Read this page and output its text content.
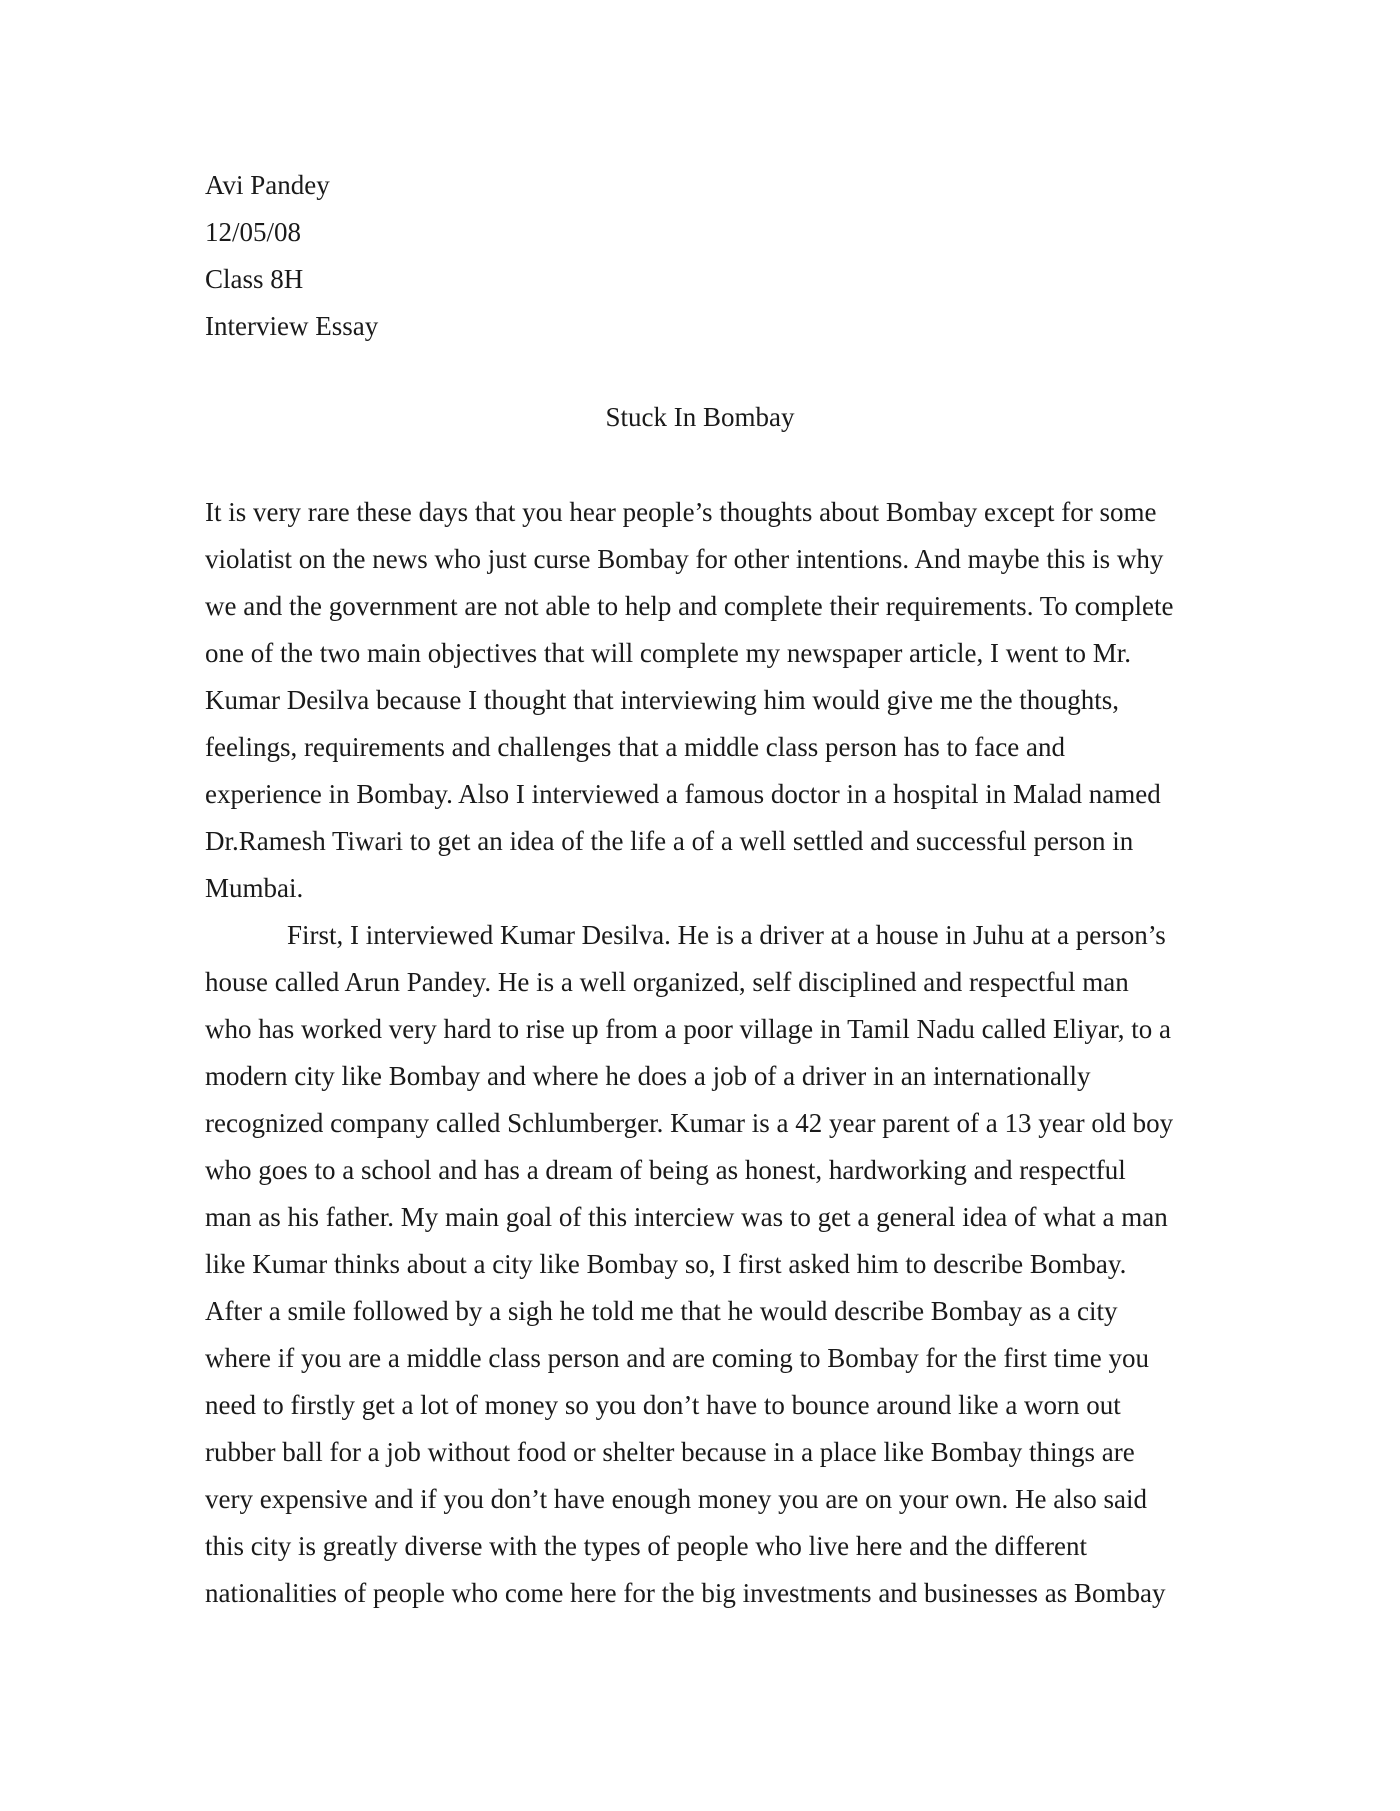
Avi Pandey
12/05/08
Class 8H
Interview Essay
Stuck In Bombay
It is very rare these days that you hear people’s thoughts about Bombay except for some
violatist on the news who just curse Bombay for other intentions. And maybe this is why
we and the government are not able to help and complete their requirements. To complete
one of the two main objectives that will complete my newspaper article, I went to Mr.
Kumar Desilva because I thought that interviewing him would give me the thoughts,
feelings, requirements and challenges that a middle class person has to face and
experience in Bombay. Also I interviewed a famous doctor in a hospital in Malad named
Dr.Ramesh Tiwari to get an idea of the life a of a well settled and successful person in
Mumbai.
First, I interviewed Kumar Desilva. He is a driver at a house in Juhu at a person’s
house called Arun Pandey. He is a well organized, self disciplined and respectful man
who has worked very hard to rise up from a poor village in Tamil Nadu called Eliyar, to a
modern city like Bombay and where he does a job of a driver in an internationally
recognized company called Schlumberger. Kumar is a 42 year parent of a 13 year old boy
who goes to a school and has a dream of being as honest, hardworking and respectful
man as his father. My main goal of this interciew was to get a general idea of what a man
like Kumar thinks about a city like Bombay so, I first asked him to describe Bombay.
After a smile followed by a sigh he told me that he would describe Bombay as a city
where if you are a middle class person and are coming to Bombay for the first time you
need to firstly get a lot of money so you don’t have to bounce around like a worn out
rubber ball for a job without food or shelter because in a place like Bombay things are
very expensive and if you don’t have enough money you are on your own. He also said
this city is greatly diverse with the types of people who live here and the different
nationalities of people who come here for the big investments and businesses as Bombay
